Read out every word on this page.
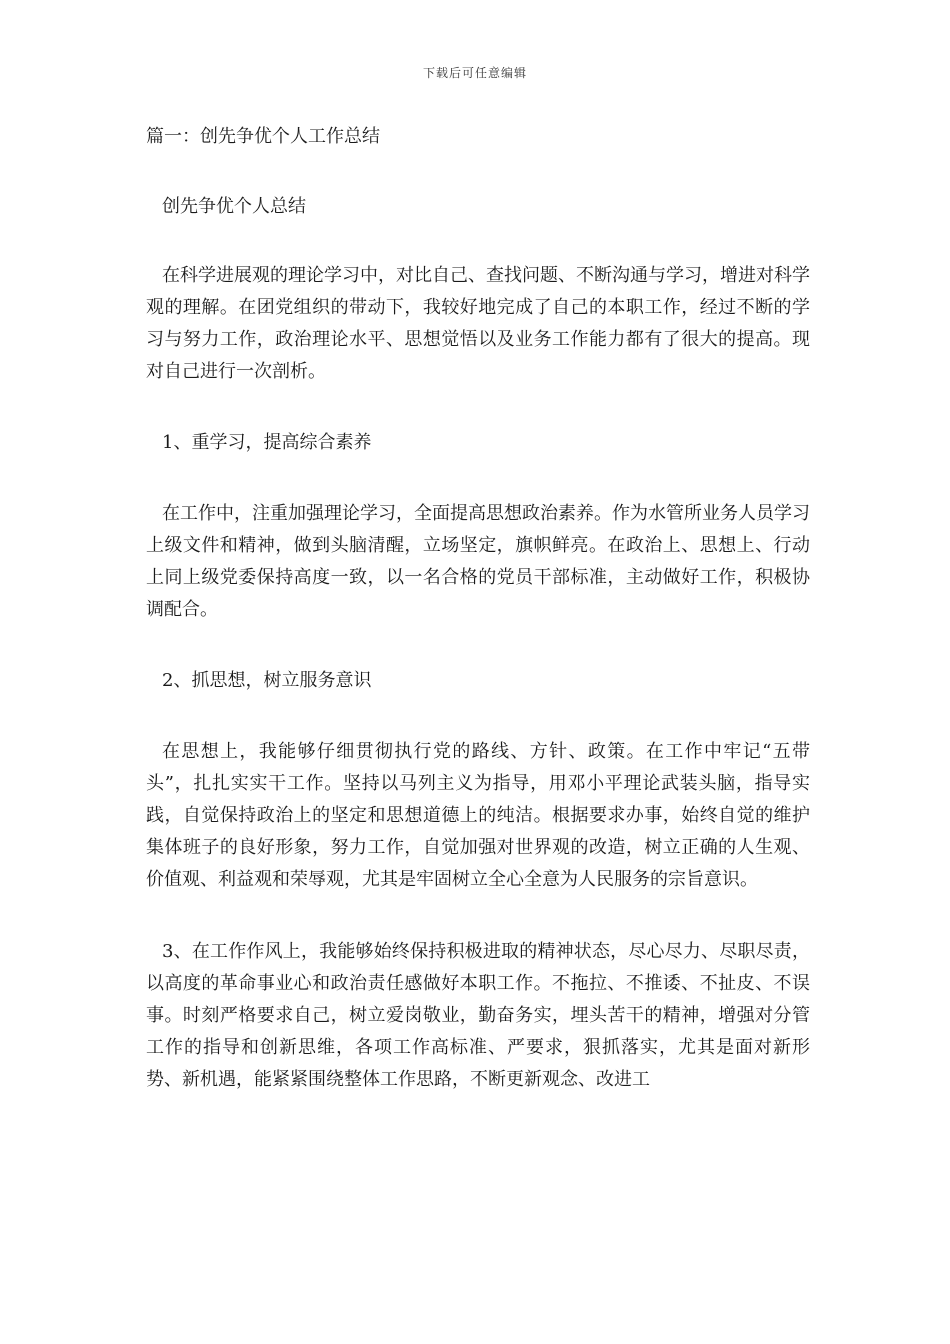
下载后可任意编辑

篇一：创先争优个人工作总结

创先争优个人总结

在科学进展观的理论学习中，对比自己、查找问题、不断沟通与学习，增进对科学观的理解。在团党组织的带动下，我较好地完成了自己的本职工作，经过不断的学习与努力工作，政治理论水平、思想觉悟以及业务工作能力都有了很大的提高。现对自己进行一次剖析。

1、重学习，提高综合素养

在工作中，注重加强理论学习，全面提高思想政治素养。作为水管所业务人员学习上级文件和精神，做到头脑清醒，立场坚定，旗帜鲜亮。在政治上、思想上、行动上同上级党委保持高度一致，以一名合格的党员干部标准，主动做好工作，积极协调配合。

2、抓思想，树立服务意识

在思想上，我能够仔细贯彻执行党的路线、方针、政策。在工作中牢记“五带头”，扎扎实实干工作。坚持以马列主义为指导，用邓小平理论武装头脑，指导实践，自觉保持政治上的坚定和思想道德上的纯洁。根据要求办事，始终自觉的维护集体班子的良好形象，努力工作，自觉加强对世界观的改造，树立正确的人生观、价值观、利益观和荣辱观，尤其是牢固树立全心全意为人民服务的宗旨意识。

3、在工作作风上，我能够始终保持积极进取的精神状态，尽心尽力、尽职尽责，以高度的革命事业心和政治责任感做好本职工作。不拖拉、不推诿、不扯皮、不误事。时刻严格要求自己，树立爱岗敬业，勤奋务实，埋头苦干的精神，增强对分管工作的指导和创新思维，各项工作高标准、严要求，狠抓落实，尤其是面对新形势、新机遇，能紧紧围绕整体工作思路，不断更新观念、改进工
